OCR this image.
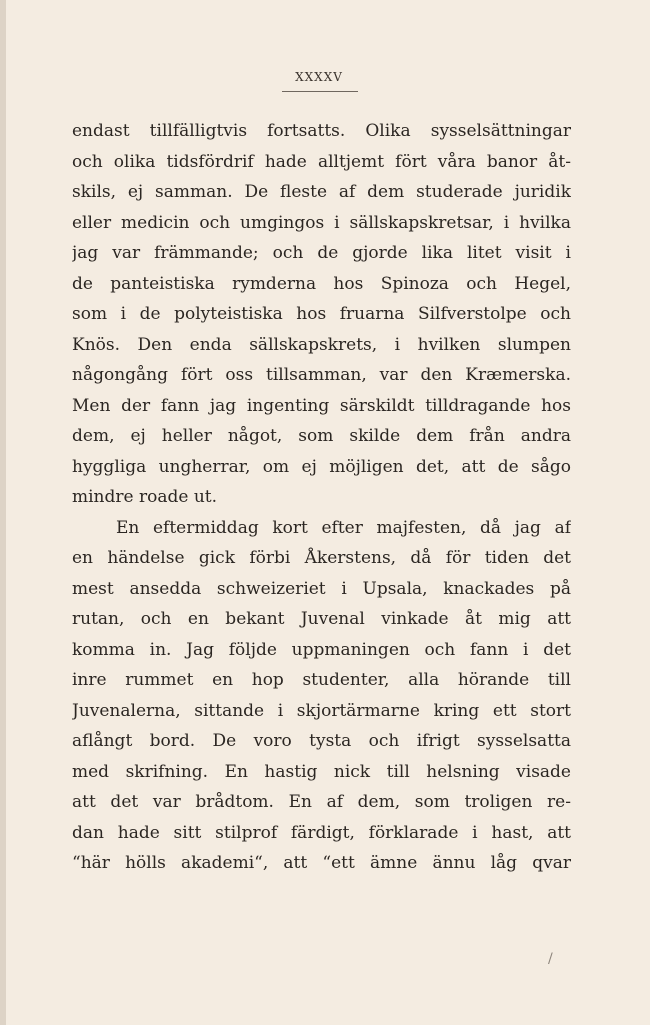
XXXXV
endast tillfälligtvis fortsatts. Olika sysselsättningar
och olika tidsfördrif hade alltjemt fört våra banor åt-
skils, ej samman. De fleste af dem studerade juridik
eller medicin och umgingos i sällskapskretsar, i hvilka
jag var främmande; och de gjorde lika litet visit i
de panteistiska rymderna hos Spinoza och Hegel,
som i de polyteistiska hos fruarna Silfverstolpe och
Knös. Den enda sällskapskrets, i hvilken slumpen
någongång fört oss tillsamman, var den Kræmerska.
Men der fann jag ingenting särskildt tilldragande hos
dem, ej heller något, som skilde dem från andra
hyggliga ungherrar, om ej möjligen det, att de sågo
mindre roade ut.
En eftermiddag kort efter majfesten, då jag af
en händelse gick förbi Åkerstens, då för tiden det
mest ansedda schweizeriet i Upsala, knackades på
rutan, och en bekant Juvenal vinkade åt mig att
komma in. Jag följde uppmaningen och fann i det
inre rummet en hop studenter, alla hörande till
Juvenalerna, sittande i skjortärmarne kring ett stort
aflångt bord. De voro tysta och ifrigt sysselsatta
med skrifning. En hastig nick till helsning visade
att det var brådtom. En af dem, som troligen re-
dan hade sitt stilprof färdigt, förklarade i hast, att
“här hölls akademi“, att “ett ämne ännu låg qvar
/
